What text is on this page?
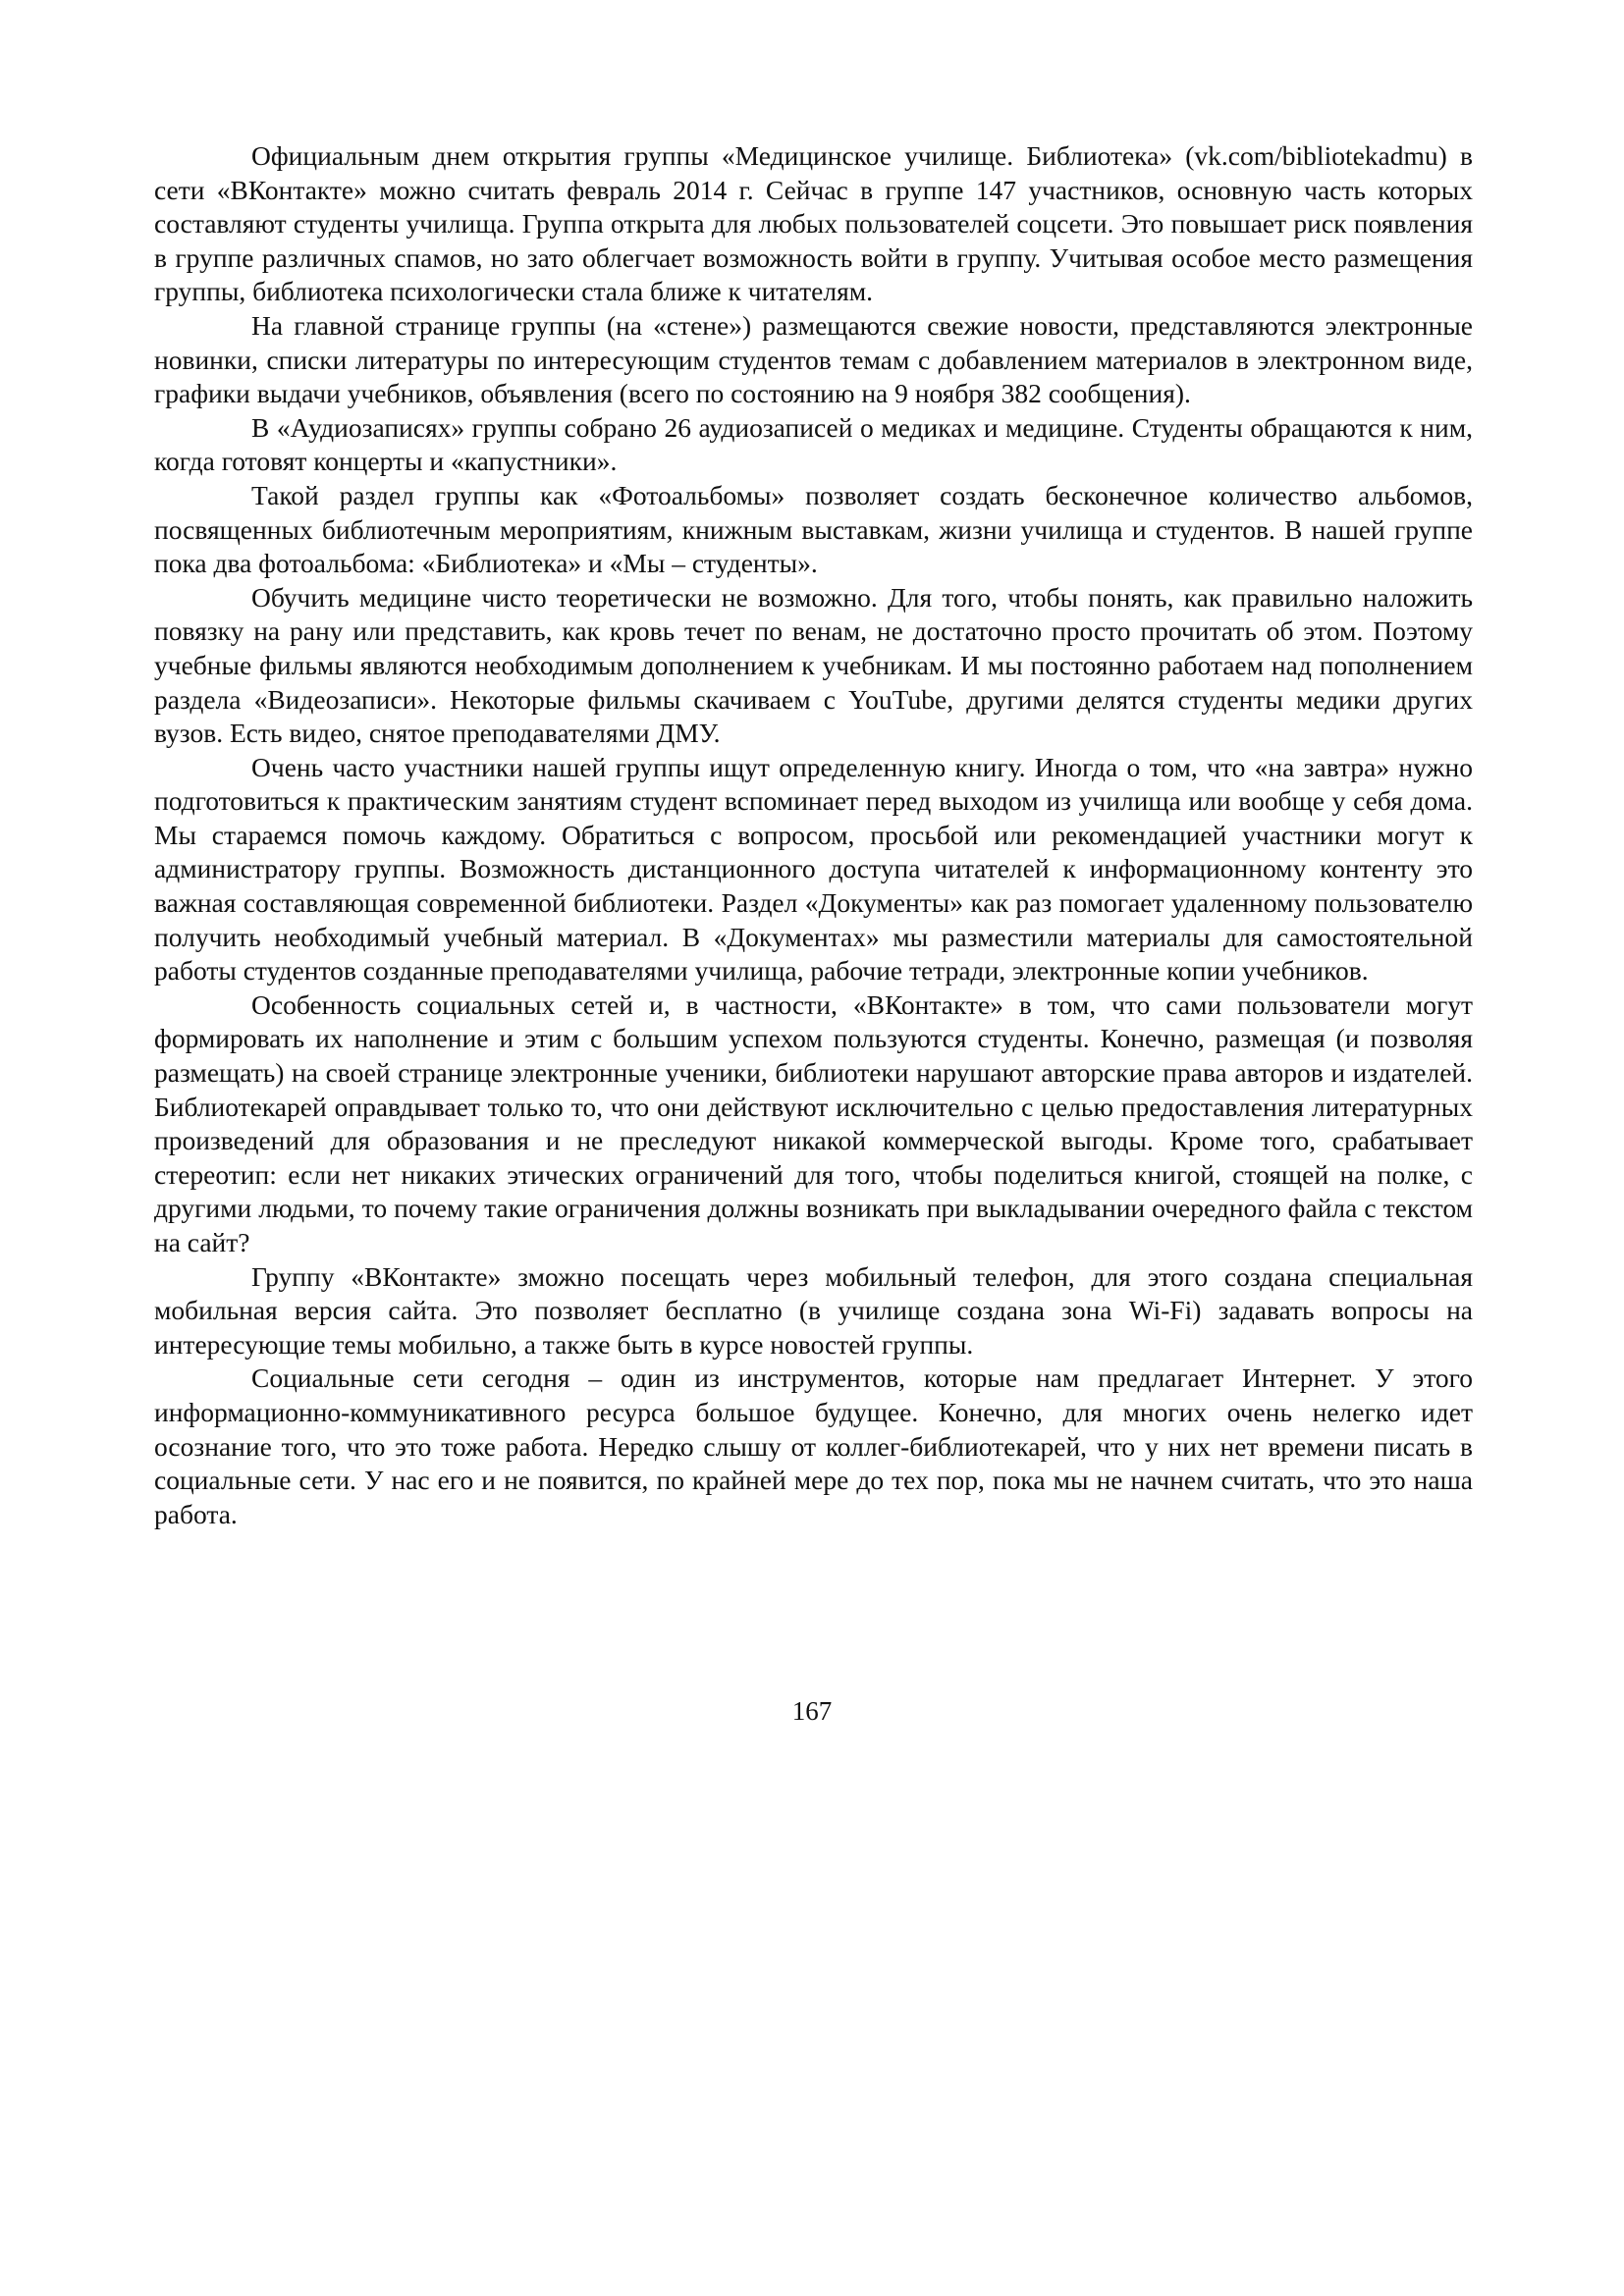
Официальным днем открытия группы «Медицинское училище. Библиотека» (vk.com/bibliotekadmu) в сети «ВКонтакте» можно считать февраль 2014 г. Сейчас в группе 147 участников, основную часть которых составляют студенты училища. Группа открыта для любых пользователей соцсети. Это повышает риск появления в группе различных спамов, но зато облегчает возможность войти в группу. Учитывая особое место размещения группы, библиотека психологически стала ближе к читателям.

На главной странице группы (на «стене») размещаются свежие новости, представляются электронные новинки, списки литературы по интересующим студентов темам с добавлением материалов в электронном виде, графики выдачи учебников, объявления (всего по состоянию на 9 ноября 382 сообщения).

В «Аудиозаписях» группы собрано 26 аудиозаписей о медиках и медицине. Студенты обращаются к ним, когда готовят концерты и «капустники».

Такой раздел группы как «Фотоальбомы» позволяет создать бесконечное количество альбомов, посвященных библиотечным мероприятиям, книжным выставкам, жизни училища и студентов. В нашей группе пока два фотоальбома: «Библиотека» и «Мы – студенты».

Обучить медицине чисто теоретически не возможно. Для того, чтобы понять, как правильно наложить повязку на рану или представить, как кровь течет по венам, не достаточно просто прочитать об этом. Поэтому учебные фильмы являются необходимым дополнением к учебникам. И мы постоянно работаем над пополнением раздела «Видеозаписи». Некоторые фильмы скачиваем с YouTube, другими делятся студенты медики других вузов. Есть видео, снятое преподавателями ДМУ.

Очень часто участники нашей группы ищут определенную книгу. Иногда о том, что «на завтра» нужно подготовиться к практическим занятиям студент вспоминает перед выходом из училища или вообще у себя дома. Мы стараемся помочь каждому. Обратиться с вопросом, просьбой или рекомендацией участники могут к администратору группы. Возможность дистанционного доступа читателей к информационному контенту это важная составляющая современной библиотеки. Раздел «Документы» как раз помогает удаленному пользователю получить необходимый учебный материал. В «Документах» мы разместили материалы для самостоятельной работы студентов созданные преподавателями училища, рабочие тетради, электронные копии учебников.

Особенность социальных сетей и, в частности, «ВКонтакте» в том, что сами пользователи могут формировать их наполнение и этим с большим успехом пользуются студенты. Конечно, размещая (и позволяя размещать) на своей странице электронные ученики, библиотеки нарушают авторские права авторов и издателей. Библиотекарей оправдывает только то, что они действуют исключительно с целью предоставления литературных произведений для образования и не преследуют никакой коммерческой выгоды. Кроме того, срабатывает стереотип: если нет никаких этических ограничений для того, чтобы поделиться книгой, стоящей на полке, с другими людьми, то почему такие ограничения должны возникать при выкладывании очередного файла с текстом на сайт?

Группу «ВКонтакте» зможно посещать через мобильный телефон, для этого создана специальная мобильная версия сайта. Это позволяет бесплатно (в училище создана зона Wi-Fi) задавать вопросы на интересующие темы мобильно, а также быть в курсе новостей группы.

Социальные сети сегодня – один из инструментов, которые нам предлагает Интернет. У этого информационно-коммуникативного ресурса большое будущее. Конечно, для многих очень нелегко идет осознание того, что это тоже работа. Нередко слышу от коллег-библиотекарей, что у них нет времени писать в социальные сети. У нас его и не появится, по крайней мере до тех пор, пока мы не начнем считать, что это наша работа.

167
